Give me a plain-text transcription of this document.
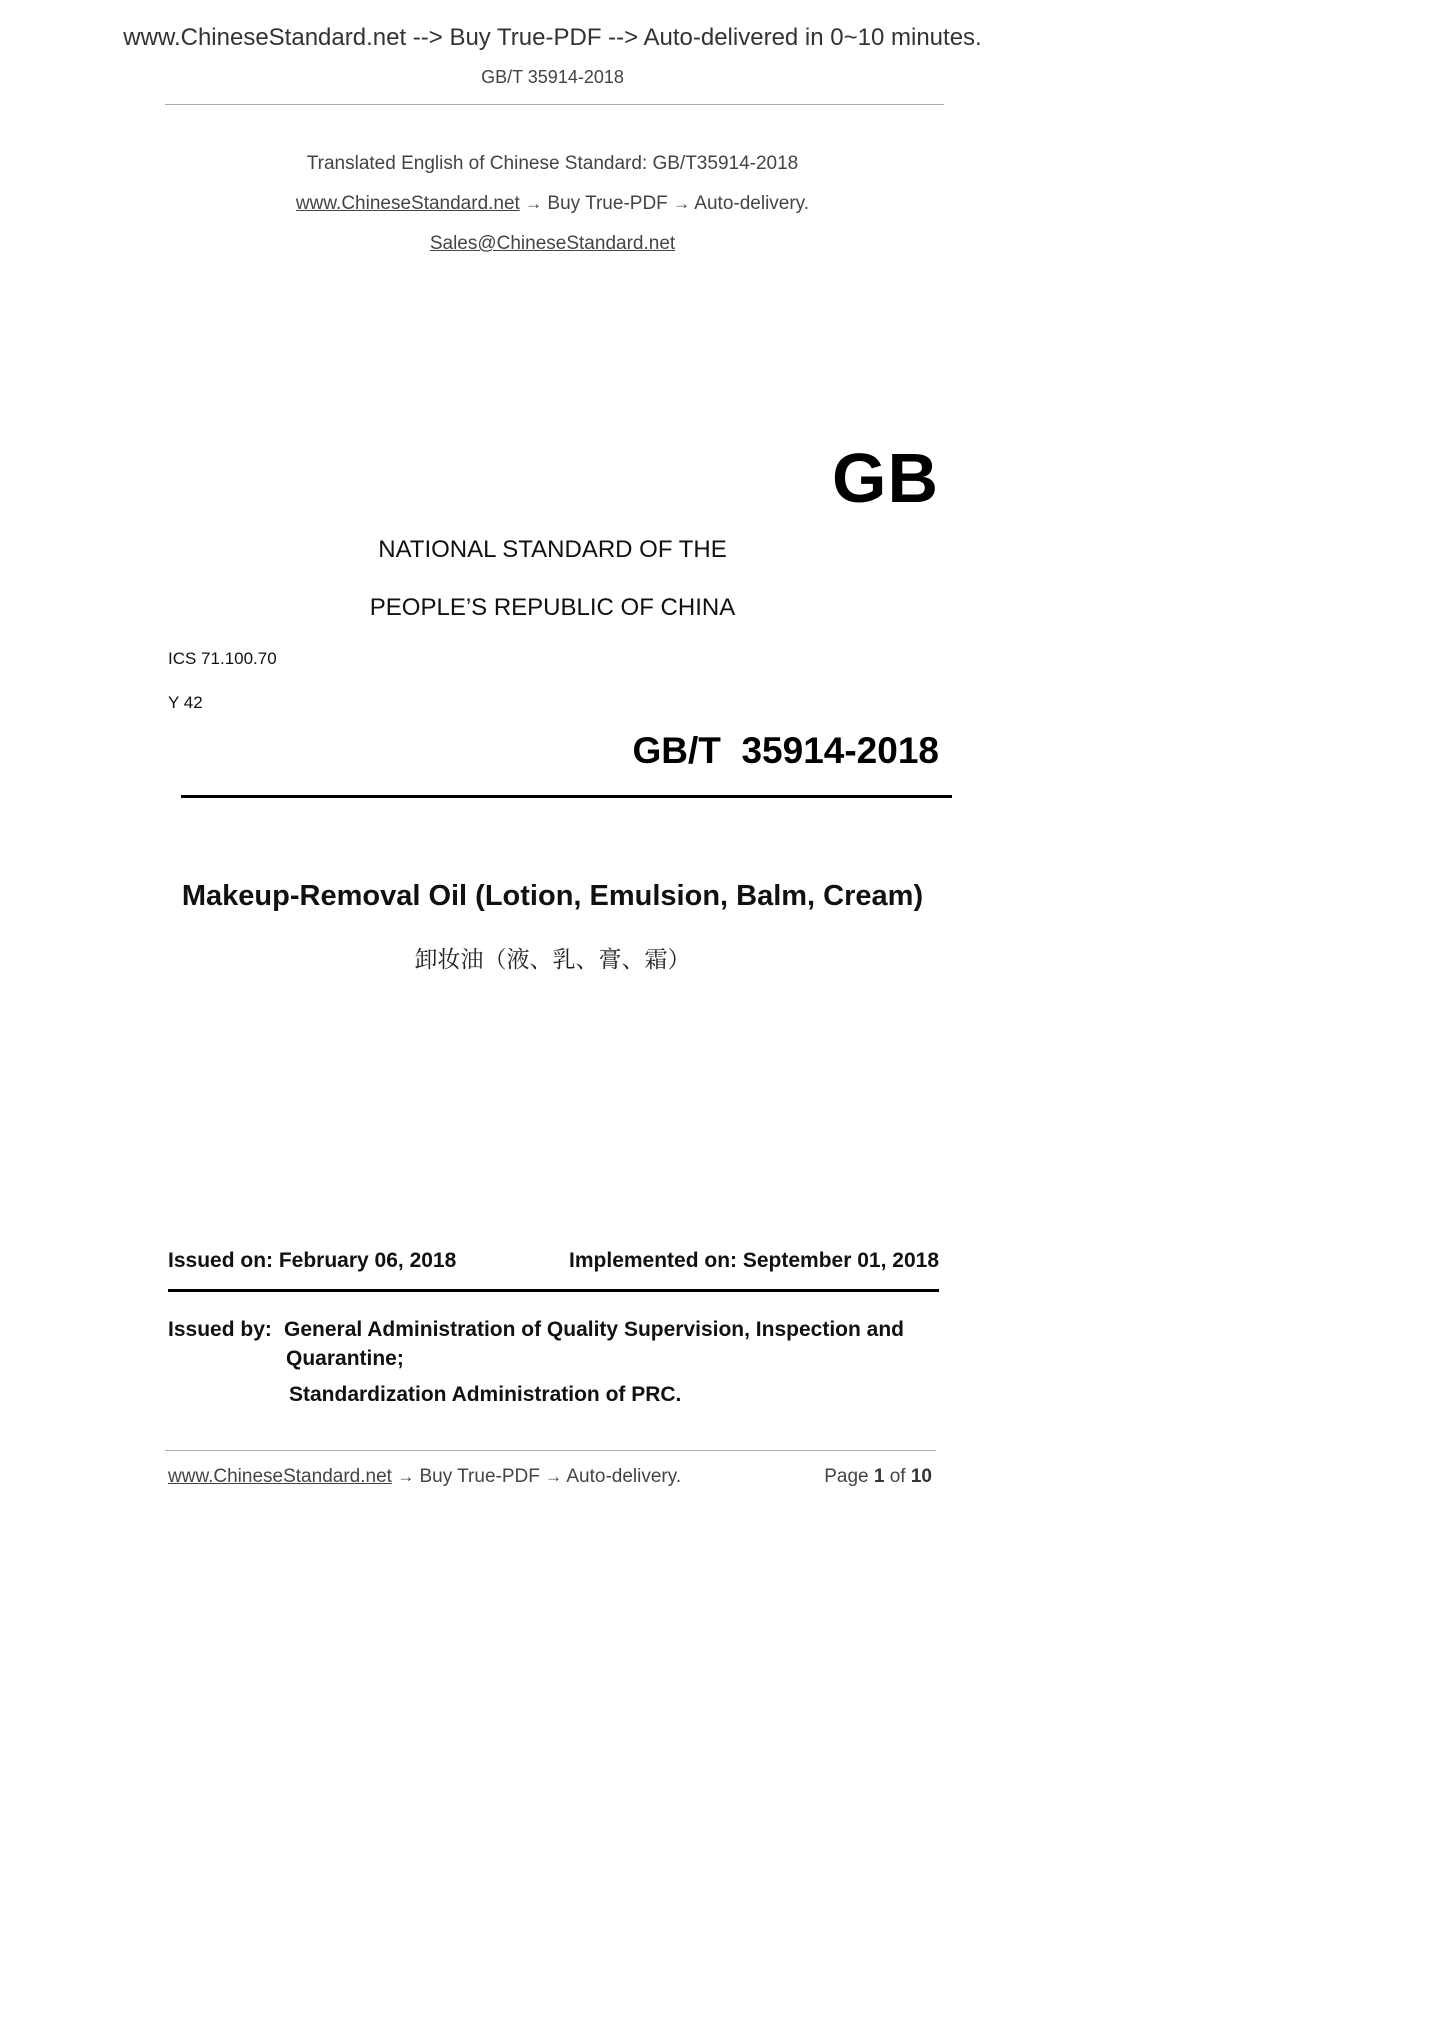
www.ChineseStandard.net --> Buy True-PDF --> Auto-delivered in 0~10 minutes.
GB/T 35914-2018
Translated English of Chinese Standard: GB/T35914-2018
www.ChineseStandard.net → Buy True-PDF → Auto-delivery.
Sales@ChineseStandard.net
GB
NATIONAL STANDARD OF THE
PEOPLE’S REPUBLIC OF CHINA
ICS 71.100.70
Y 42
GB/T  35914-2018
Makeup-Removal Oil (Lotion, Emulsion, Balm, Cream)
卸妆油（液、乳、膏、霜）
Issued on: February 06, 2018	Implemented on: September 01, 2018
Issued by: General Administration of Quality Supervision, Inspection and
Quarantine;
Standardization Administration of PRC.
www.ChineseStandard.net → Buy True-PDF → Auto-delivery.	Page 1 of 10
